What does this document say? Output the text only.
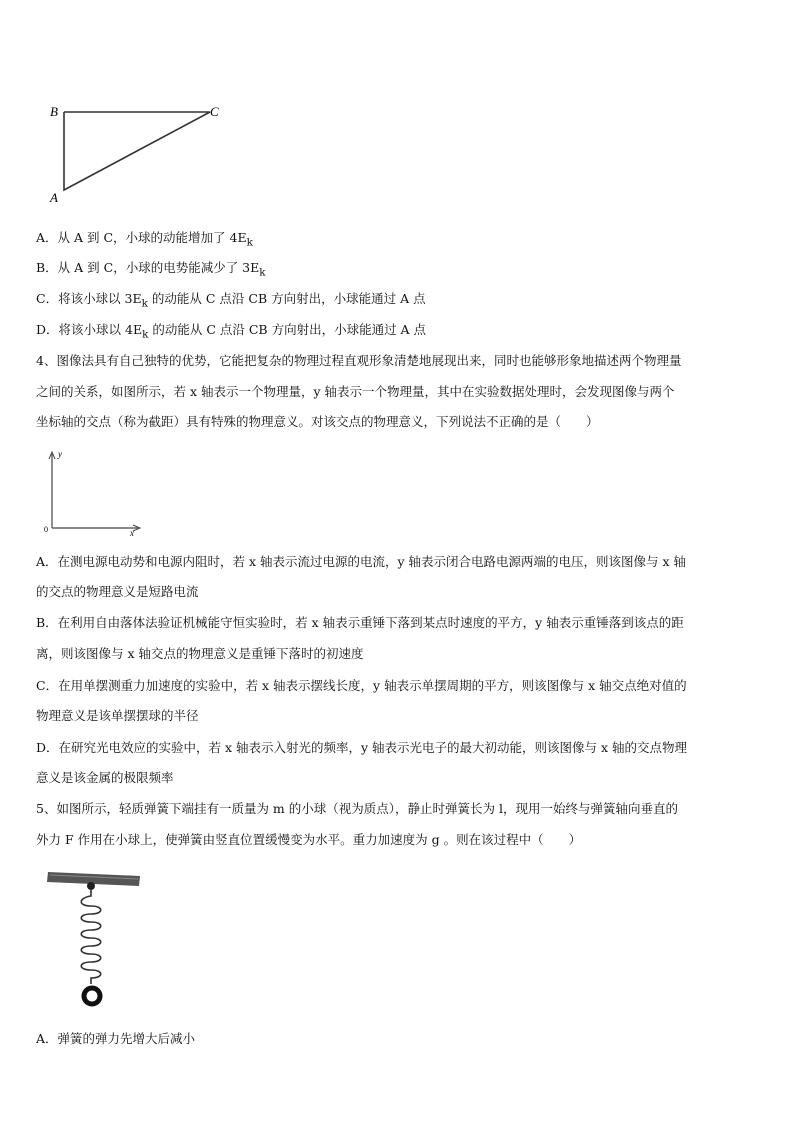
B	C
A
A．从 A 到 C，小球的动能增加了 $4E_k$
B．从 A 到 C，小球的电势能减少了 $3E_k$
C．将该小球以 $3E_k$ 的动能从 C 点沿 CB 方向射出，小球能通过 A 点
D．将该小球以 $4E_k$ 的动能从 C 点沿 CB 方向射出，小球能通过 A 点
4、图像法具有自己独特的优势，它能把复杂的物理过程直观形象清楚地展现出来，同时也能够形象地描述两个物理量
之间的关系，如图所示，若 x 轴表示一个物理量，y 轴表示一个物理量，其中在实验数据处理时，会发现图像与两个
坐标轴的交点（称为截距）具有特殊的物理意义。对该交点的物理意义，下列说法不正确的是（　　）
y
x
0
A．在测电源电动势和电源内阻时，若 x 轴表示流过电源的电流，y 轴表示闭合电路电源两端的电压，则该图像与 x 轴
的交点的物理意义是短路电流
B．在利用自由落体法验证机械能守恒实验时，若 x 轴表示重锤下落到某点时速度的平方，y 轴表示重锤落到该点的距
离，则该图像与 x 轴交点的物理意义是重锤下落时的初速度
C．在用单摆测重力加速度的实验中，若 x 轴表示摆线长度，y 轴表示单摆周期的平方，则该图像与 x 轴交点绝对值的
物理意义是该单摆摆球的半径
D．在研究光电效应的实验中，若 x 轴表示入射光的频率，y 轴表示光电子的最大初动能，则该图像与 x 轴的交点物理
意义是该金属的极限频率
5、如图所示，轻质弹簧下端挂有一质量为 m 的小球（视为质点），静止时弹簧长为 l，现用一始终与弹簧轴向垂直的
外力 F 作用在小球上，使弹簧由竖直位置缓慢变为水平。重力加速度为 g 。则在该过程中（　　）
A．弹簧的弹力先增大后减小
